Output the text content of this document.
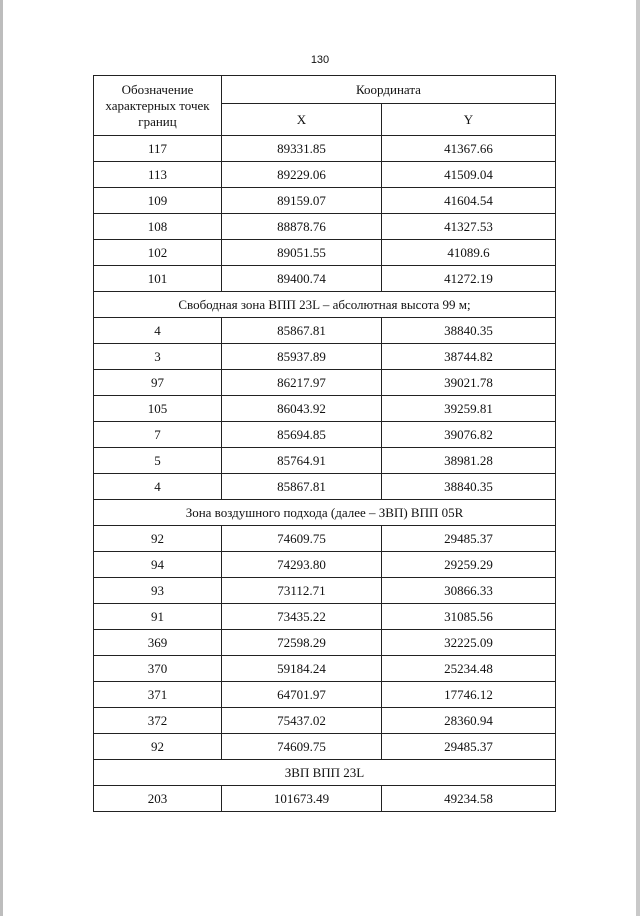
130
Обозначение характерных точек границ	Координата	
	X	Y
117	89331.85	41367.66
113	89229.06	41509.04
109	89159.07	41604.54
108	88878.76	41327.53
102	89051.55	41089.6
101	89400.74	41272.19
Свободная зона ВПП 23L – абсолютная высота 99 м;		
4	85867.81	38840.35
3	85937.89	38744.82
97	86217.97	39021.78
105	86043.92	39259.81
7	85694.85	39076.82
5	85764.91	38981.28
4	85867.81	38840.35
Зона воздушного подхода (далее – ЗВП) ВПП 05R		
92	74609.75	29485.37
94	74293.80	29259.29
93	73112.71	30866.33
91	73435.22	31085.56
369	72598.29	32225.09
370	59184.24	25234.48
371	64701.97	17746.12
372	75437.02	28360.94
92	74609.75	29485.37
ЗВП ВПП 23L		
203	101673.49	49234.58
